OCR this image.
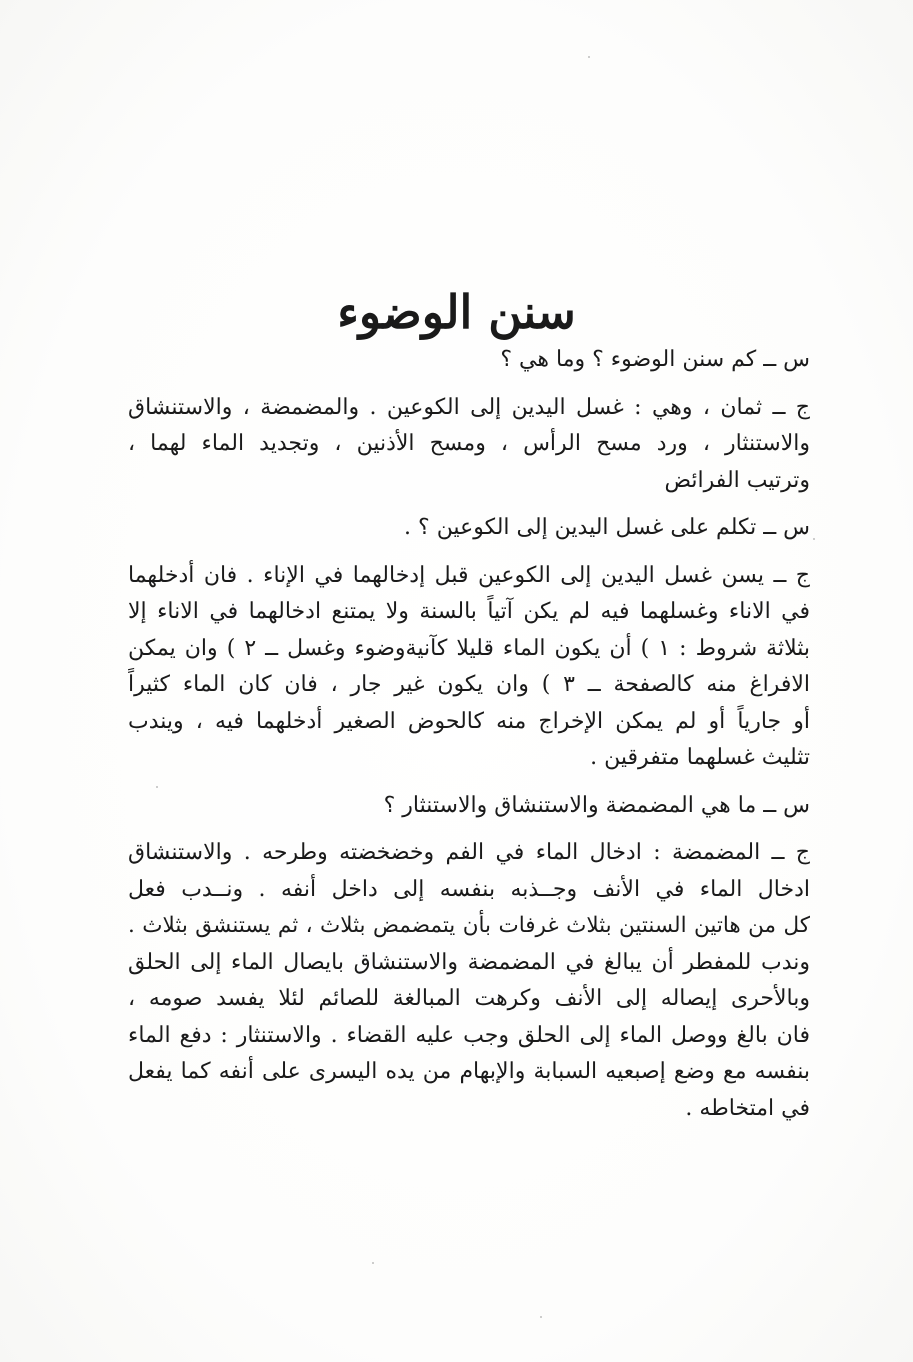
سنن الوضوء
س ــ كم سنن الوضوء ؟ وما هي ؟
ج ــ ثمان ، وهي : غسل اليدين إلى الكوعين . والمضمضة ، والاستنشاق
والاستنثار ، ورد مسح الرأس ، ومسح الأذنين ، وتجديد الماء لهما ،
وترتيب الفرائض
س ــ تكلم على غسل اليدين إلى الكوعين ؟ .
ج ــ يسن غسل اليدين إلى الكوعين قبل إدخالهما في الإناء . فان أدخلهما
في الاناء وغسلهما فيه لم يكن آتياً بالسنة ولا يمتنع ادخالهما في الاناء إلا
بثلاثة شروط : ١ ) أن يكون الماء قليلا كآنيةوضوء وغسل ــ ٢ ) وان يمكن
الافراغ منه كالصفحة ــ ٣ ) وان يكون غير جار ، فان كان الماء كثيراً
أو جارياً أو لم يمكن الإخراج منه كالحوض الصغير أدخلهما فيه ، ويندب
تثليث غسلهما متفرقين .
س ــ ما هي المضمضة والاستنشاق والاستنثار ؟
ج ــ المضمضة : ادخال الماء في الفم وخضخضته وطرحه . والاستنشاق
ادخال الماء في الأنف وجــذبه بنفسه إلى داخل أنفه . ونــدب فعل
كل من هاتين السنتين بثلاث غرفات بأن يتمضمض بثلاث ، ثم يستنشق بثلاث .
وندب للمفطر أن يبالغ في المضمضة والاستنشاق بايصال الماء إلى الحلق
وبالأحرى إيصاله إلى الأنف وكرهت المبالغة للصائم لئلا يفسد صومه ،
فان بالغ ووصل الماء إلى الحلق وجب عليه القضاء . والاستنثار : دفع الماء
بنفسه مع وضع إصبعيه السبابة والإبهام من يده اليسرى على أنفه كما يفعل
في امتخاطه .
